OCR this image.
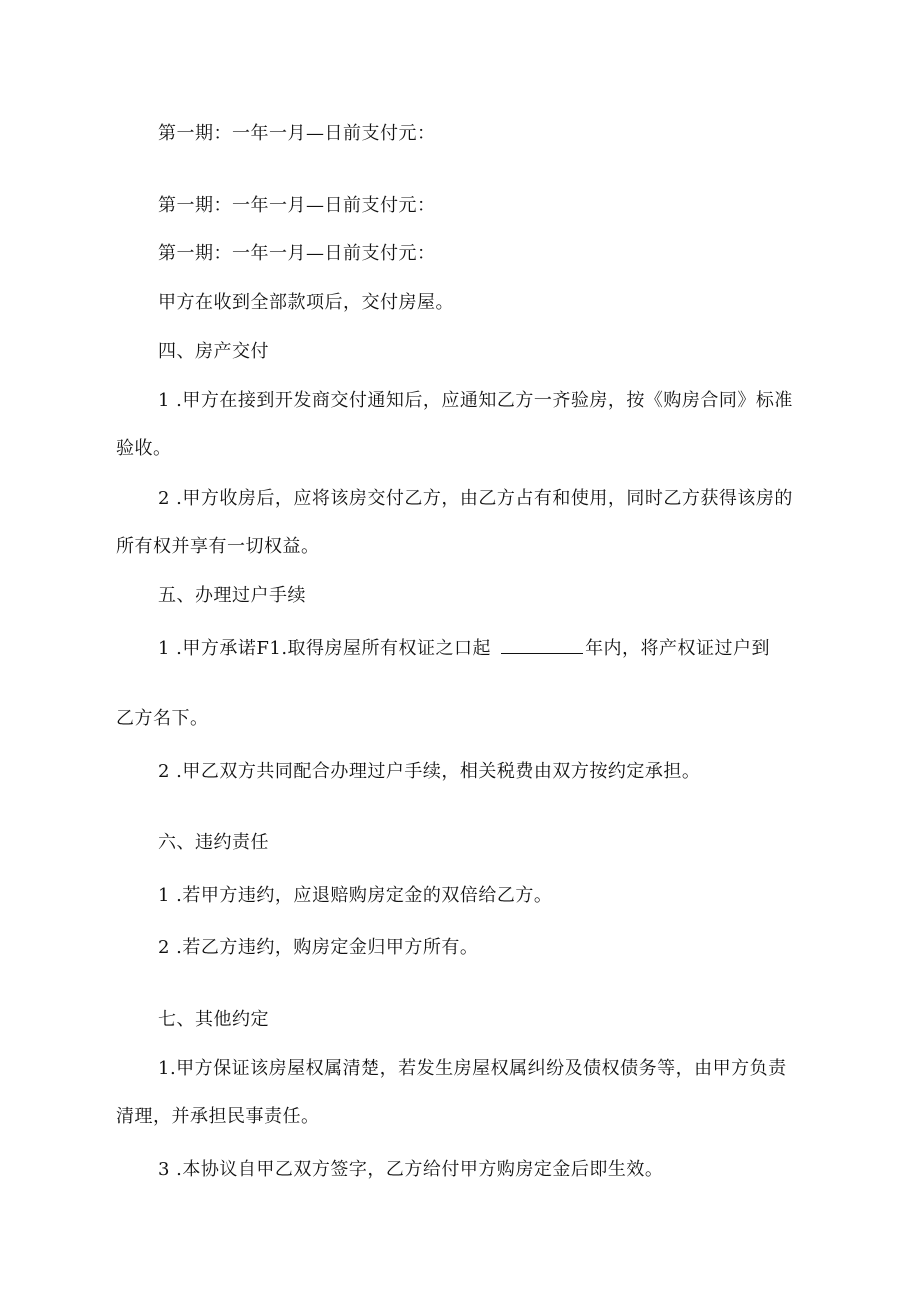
第一期：一年一月—日前支付元：
第一期：一年一月—日前支付元：
第一期：一年一月—日前支付元：
甲方在收到全部款项后，交付房屋。
四、房产交付
1 .甲方在接到开发商交付通知后，应通知乙方一齐验房，按《购房合同》标准
验收。
2 .甲方收房后，应将该房交付乙方，由乙方占有和使用，同时乙方获得该房的
所有权并享有一切权益。
五、办理过户手续
1 .甲方承诺F1.取得房屋所有权证之口起	年内，将产权证过户到
乙方名下。
2 .甲乙双方共同配合办理过户手续，相关税费由双方按约定承担。
六、违约责任
1 .若甲方违约，应退赔购房定金的双倍给乙方。
2 .若乙方违约，购房定金归甲方所有。
七、其他约定
1.甲方保证该房屋权属清楚，若发生房屋权属纠纷及债权债务等，由甲方负责
清理，并承担民事责任。
3 .本协议自甲乙双方签字，乙方给付甲方购房定金后即生效。
